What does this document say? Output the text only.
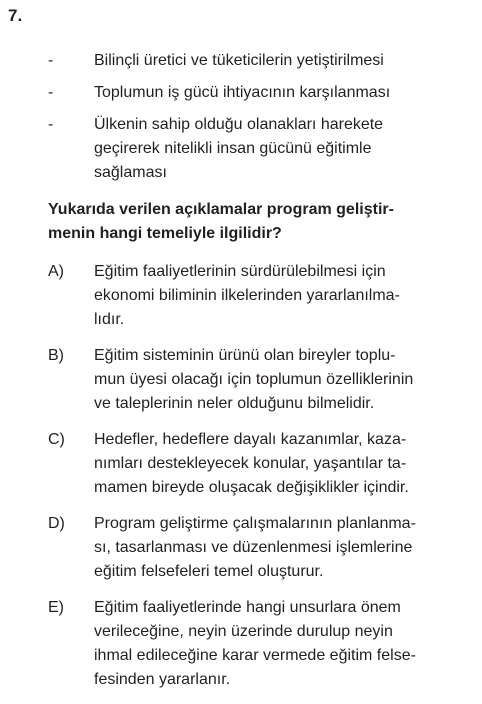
7.
-	Bilinçli üretici ve tüketicilerin yetiştirilmesi
-	Toplumun iş gücü ihtiyacının karşılanması
-	Ülkenin sahip olduğu olanakları harekete
geçirerek nitelikli insan gücünü eğitimle
sağlaması
Yukarıda verilen açıklamalar program geliştir-
menin hangi temeliyle ilgilidir?
A)	Eğitim faaliyetlerinin sürdürülebilmesi için
ekonomi biliminin ilkelerinden yararlanılma-
lıdır.
B)	Eğitim sisteminin ürünü olan bireyler toplu-
mun üyesi olacağı için toplumun özelliklerinin
ve taleplerinin neler olduğunu bilmelidir.
C)	Hedefler, hedeflere dayalı kazanımlar, kaza-
nımları destekleyecek konular, yaşantılar ta-
mamen bireyde oluşacak değişiklikler içindir.
D)	Program geliştirme çalışmalarının planlanma-
sı, tasarlanması ve düzenlenmesi işlemlerine
eğitim felsefeleri temel oluşturur.
E)	Eğitim faaliyetlerinde hangi unsurlara önem
verileceğine, neyin üzerinde durulup neyin
ihmal edileceğine karar vermede eğitim felse-
fesinden yararlanır.
